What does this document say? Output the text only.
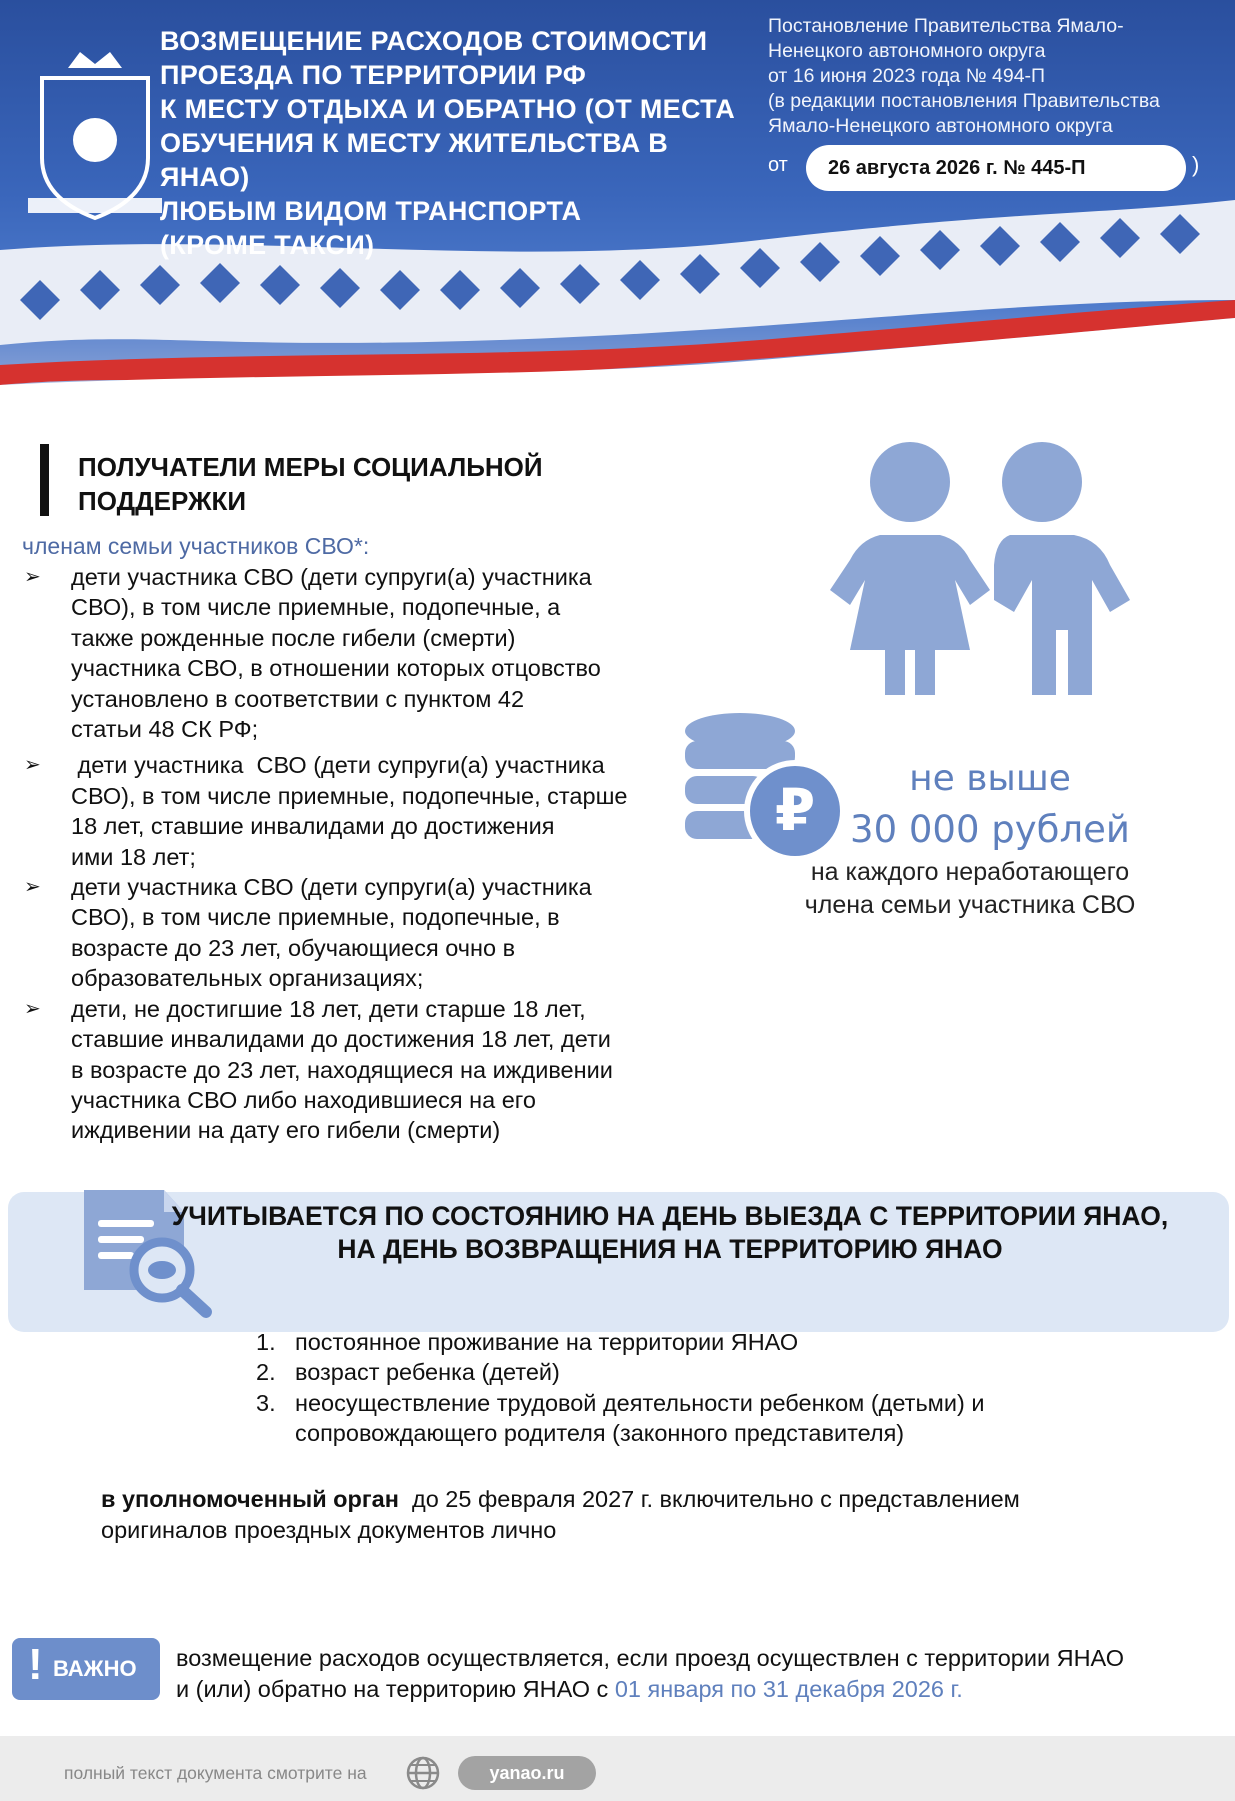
ВОЗМЕЩЕНИЕ РАСХОДОВ СТОИМОСТИ
ПРОЕЗДА ПО ТЕРРИТОРИИ РФ
К МЕСТУ ОТДЫХА И ОБРАТНО (ОТ МЕСТА
ОБУЧЕНИЯ К МЕСТУ ЖИТЕЛЬСТВА В ЯНАО)
ЛЮБЫМ ВИДОМ ТРАНСПОРТА
(КРОМЕ ТАКСИ)
Постановление Правительства Ямало-
Ненецкого автономного округа
от 16 июня 2023 года № 494-П
(в редакции постановления Правительства
Ямало-Ненецкого автономного округа
от	26 августа 2026 г. № 445-П	)
ПОЛУЧАТЕЛИ МЕРЫ СОЦИАЛЬНОЙ
ПОДДЕРЖКИ
членам семьи участников СВО*:
➢ дети участника СВО (дети супруги(а) участника
СВО), в том числе приемные, подопечные, а
также рожденные после гибели (смерти)
участника СВО, в отношении которых отцовство
установлено в соответствии с пунктом 42
статьи 48 СК РФ;
➢ дети участника  СВО (дети супруги(а) участника
СВО), в том числе приемные, подопечные, старше
18 лет, ставшие инвалидами до достижения
ими 18 лет;
➢ дети участника СВО (дети супруги(а) участника
СВО), в том числе приемные, подопечные, в
возрасте до 23 лет, обучающиеся очно в
образовательных организациях;
➢ дети, не достигшие 18 лет, дети старше 18 лет,
ставшие инвалидами до достижения 18 лет, дети
в возрасте до 23 лет, находящиеся на иждивении
участника СВО либо находившиеся на его
иждивении на дату его гибели (смерти)
₽	не выше
30 000 рублей
на каждого неработающего
члена семьи участника СВО
УЧИТЫВАЕТСЯ ПО СОСТОЯНИЮ НА ДЕНЬ ВЫЕЗДА С ТЕРРИТОРИИ ЯНАО,
НА ДЕНЬ ВОЗВРАЩЕНИЯ НА ТЕРРИТОРИЮ ЯНАО
1. постоянное проживание на территории ЯНАО
2. возраст ребенка (детей)
3. неосуществление трудовой деятельности ребенком (детьми) и
сопровождающего родителя (законного представителя)
в уполномоченный орган  до 25 февраля 2027 г. включительно с представлением
оригиналов проездных документов лично
! ВАЖНО возмещение расходов осуществляется, если проезд осуществлен с территории ЯНАО
и (или) обратно на территорию ЯНАО с 01 января по 31 декабря 2026 г.
полный текст документа смотрите на	yanao.ru
